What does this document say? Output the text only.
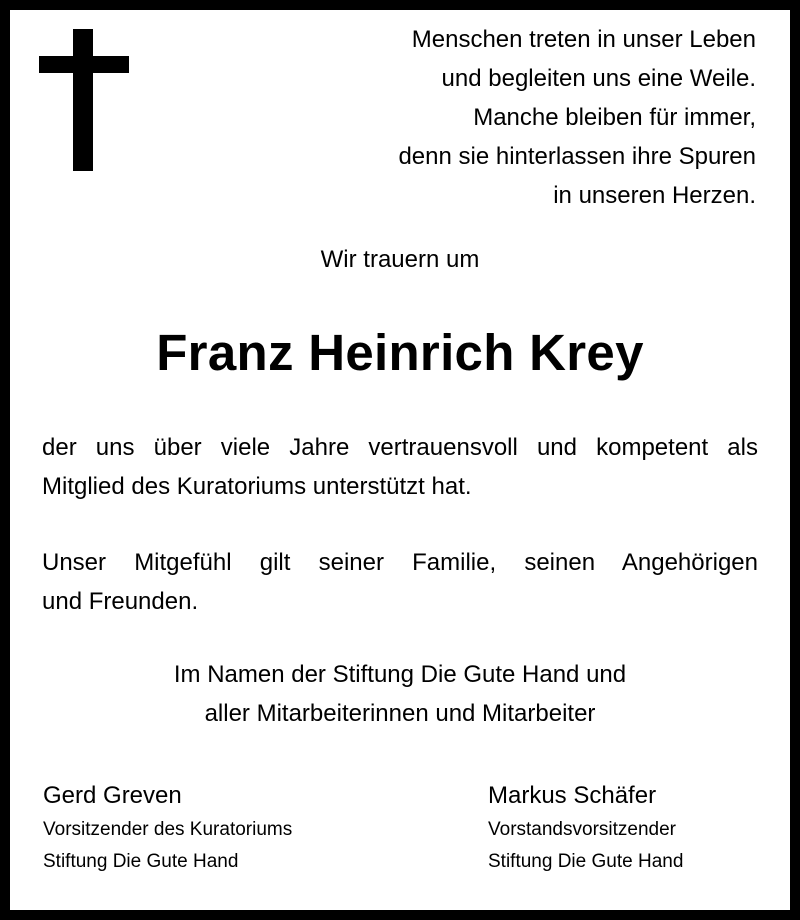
Menschen treten in unser Leben
und begleiten uns eine Weile.
Manche bleiben für immer,
denn sie hinterlassen ihre Spuren
in unseren Herzen.
Wir trauern um
Franz Heinrich Krey
der uns über viele Jahre vertrauensvoll und kompetent als
Mitglied des Kuratoriums unterstützt hat.
Unser Mitgefühl gilt seiner Familie, seinen Angehörigen
und Freunden.
Im Namen der Stiftung Die Gute Hand und
aller Mitarbeiterinnen und Mitarbeiter
Gerd Greven
Vorsitzender des Kuratoriums
Stiftung Die Gute Hand
Markus Schäfer
Vorstandsvorsitzender
Stiftung Die Gute Hand
